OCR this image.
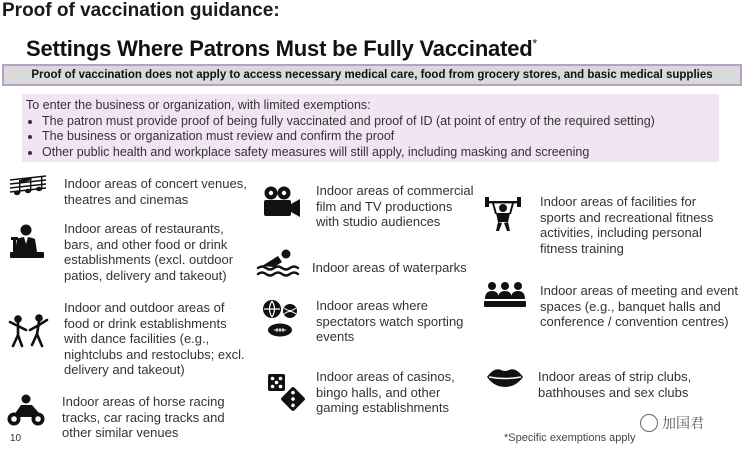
Proof of vaccination guidance:
Settings Where Patrons Must be Fully Vaccinated*
Proof of vaccination does not apply to access necessary medical care, food from grocery stores, and basic medical supplies
To enter the business or organization, with limited exemptions:
• The patron must provide proof of being fully vaccinated and proof of ID (at point of entry of the required setting)
• The business or organization must review and confirm the proof
• Other public health and workplace safety measures will still apply, including masking and screening
Indoor areas of concert venues, theatres and cinemas
Indoor areas of restaurants, bars, and other food or drink establishments (excl. outdoor patios, delivery and takeout)
Indoor and outdoor areas of food or drink establishments with dance facilities (e.g., nightclubs and restoclubs; excl. delivery and takeout)
Indoor areas of horse racing tracks, car racing tracks and other similar venues
Indoor areas of commercial film and TV productions with studio audiences
Indoor areas of waterparks
Indoor areas where spectators watch sporting events
Indoor areas of casinos, bingo halls, and other gaming establishments
Indoor areas of facilities for sports and recreational fitness activities, including personal fitness training
Indoor areas of meeting and event spaces (e.g., banquet halls and conference / convention centres)
Indoor areas of strip clubs, bathhouses and sex clubs
10	*Specific exemptions apply
加国君
